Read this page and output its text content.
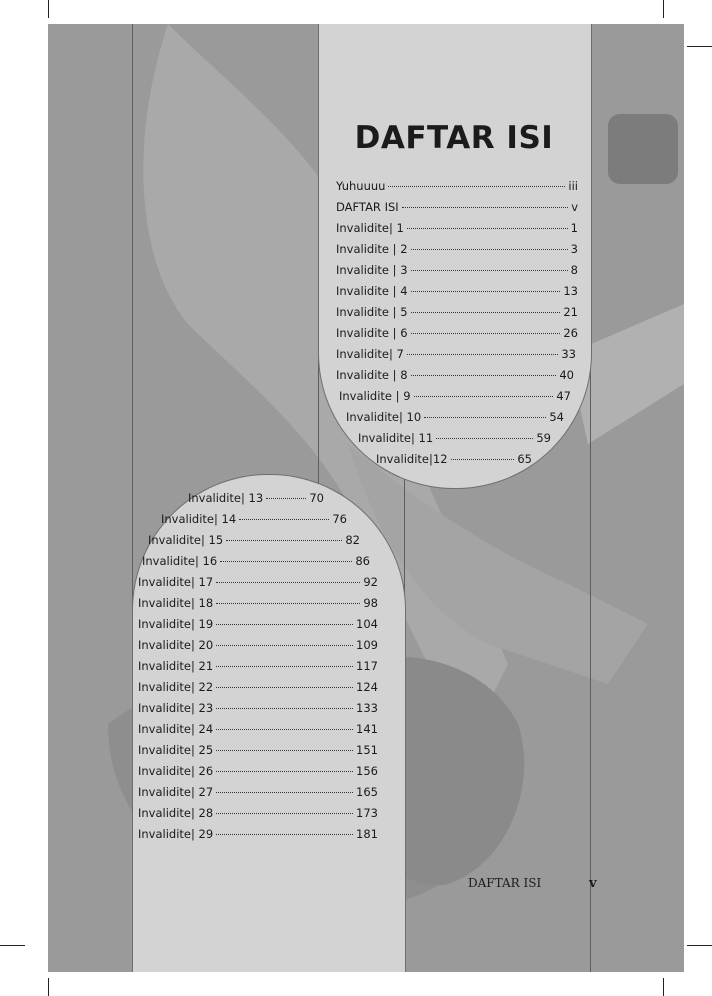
DAFTAR ISI
Yuhuuuu	iii
DAFTAR ISI	v
Invalidite| 1	1
Invalidite | 2	3
Invalidite | 3	8
Invalidite | 4	13
Invalidite | 5	21
Invalidite | 6	26
Invalidite| 7	33
Invalidite | 8	40
Invalidite | 9	47
Invalidite| 10	54
Invalidite| 11	59
Invalidite|12	65
Invalidite| 13	70
Invalidite| 14	76
Invalidite| 15	82
Invalidite| 16	86
Invalidite| 17	92
Invalidite| 18	98
Invalidite| 19	104
Invalidite| 20	109
Invalidite| 21	117
Invalidite| 22	124
Invalidite| 23	133
Invalidite| 24	141
Invalidite| 25	151
Invalidite| 26	156
Invalidite| 27	165
Invalidite| 28	173
Invalidite| 29	181
DAFTAR ISI	v
